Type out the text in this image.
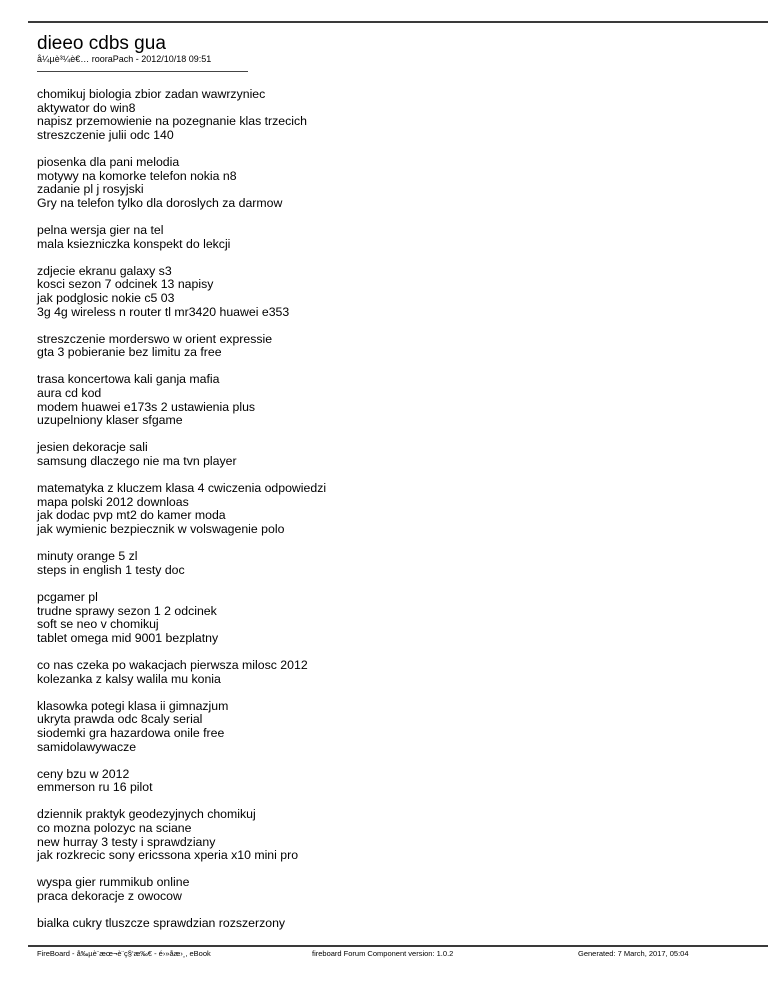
dieeo cdbs gua
å¼µè³¼è€… rooraPach - 2012/10/18 09:51
chomikuj biologia zbior zadan wawrzyniec
aktywator do win8
napisz przemowienie na pozegnanie klas trzecich
streszczenie julii odc 140
piosenka dla pani melodia
motywy na komorke telefon nokia n8
zadanie pl j rosyjski
Gry na telefon tylko dla doroslych za darmow
pelna wersja gier na tel
mala ksiezniczka konspekt do lekcji
zdjecie ekranu galaxy s3
kosci sezon 7 odcinek 13 napisy
jak podglosic nokie c5 03
3g 4g wireless n router tl mr3420 huawei e353
streszczenie morderswo w orient expressie
gta 3 pobieranie bez limitu za free
trasa koncertowa kali ganja mafia
aura cd kod
modem huawei e173s 2 ustawienia plus
uzupelniony klaser sfgame
jesien dekoracje sali
samsung dlaczego nie ma tvn player
matematyka z kluczem klasa 4 cwiczenia odpowiedzi
mapa polski 2012 downloas
jak dodac pvp mt2 do kamer moda
jak wymienic bezpiecznik w volswagenie polo
minuty orange 5 zl
steps in english 1 testy doc
pcgamer pl
trudne sprawy sezon 1 2 odcinek
soft se neo v chomikuj
tablet omega mid 9001 bezplatny
co nas czeka po wakacjach pierwsza milosc 2012
kolezanka z kalsy walila mu konia
klasowka potegi klasa ii gimnazjum
ukryta prawda odc 8caly serial
siodemki gra hazardowa onile free
samidolawywacze
ceny bzu w 2012
emmerson ru 16 pilot
dziennik praktyk geodezyjnych chomikuj
co mozna polozyc na sciane
new hurray 3 testy i sprawdziany
jak rozkrecic sony ericssona xperia x10 mini pro
wyspa gier rummikub online
praca dekoracje z owocow
bialka cukry tluszcze sprawdzian rozszerzony
FireBoard - å‰µè¨æœ¬è¨ç§‘æ‰€ - é›»åæ›¸, eBook	fireboard Forum Component version: 1.0.2	Generated: 7 March, 2017, 05:04
